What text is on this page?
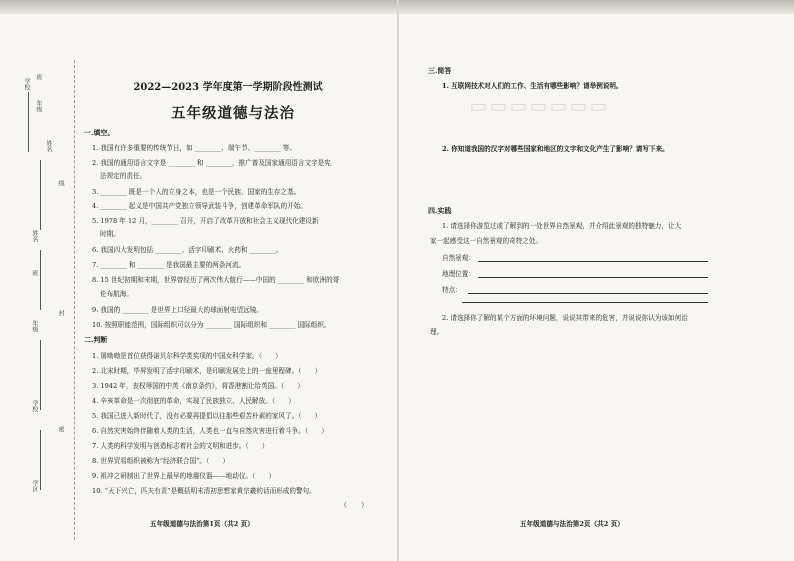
学校
年级
班
姓名
线
姓名
班
封
年级
学校
密
学区
2022—2023 学年度第一学期阶段性测试
五年级道德与法治
一.填空。
1. 我国有许多重要的传统节日，如 ________、端午节、________ 等。
2. 我国的通用语言文字是 ________ 和 ________，推广普及国家通用语言文字是宪
法规定的责任。
3. ________ 既是一个人的立身之本，也是一个民族、国家的生存之基。
4. ________ 起义是中国共产党独立领导武装斗争，创建革命军队的开始。
5. 1978 年 12 月，________ 召开，开启了改革开放和社会主义现代化建设新
时期。
6. 我国四大发明包括 ________、活字印刷术、火药和 ________。
7. ________ 和 ________ 是我国最主要的两条河流。
8. 15 世纪初期和末期，世界曾经历了两次伟大航行——中国的 ________ 和欧洲的哥
伦布航海。
9. 我国的 ________ 是世界上口径最大的球面射电望远镜。
10. 按照职能范围，国际组织可以分为 ________ 国际组织和 ________ 国际组织。
二.判断
1. 屠呦呦是首位获得诺贝尔科学类奖项的中国女科学家。（　　）
2. 北宋时期，毕昇发明了活字印刷术，是印刷发展史上的一座里程碑。（　　）
3. 1942 年，丧权辱国的中英《南京条约》，将香港割让给英国。（　　）
4. 辛亥革命是一次彻底的革命，实现了民族独立、人民解放。（　　）
5. 我国已进入新时代了，没有必要再提倡以往那些艰苦朴素的家风了。（　　）
6. 自然灾害始终伴随着人类的生活，人类也一直与自然灾害进行着斗争。（　　）
7. 人类的科学发明与创造标志着社会的文明和进步。（　　）
8. 世界贸易组织被称为“经济联合国”。（　　）
9. 祖冲之研制出了世界上最早的地震仪器——地动仪。（　　）
10. “天下兴亡，匹夫有责”是概括明末清初思想家黄宗羲的话而形成的警句。
（　　）
五年级道德与法治第1页（共2 页）
▭▭▭▭▭▭▭
三.简答
1. 互联网技术对人们的工作、生活有哪些影响？请举例说明。
2. 你知道我国的汉字对哪些国家和地区的文字和文化产生了影响？请写下来。
四.实践
1. 请选择你游览过或了解到的一处世界自然景观，并介绍此景观的独特魅力，让大
家一起感受这一自然景观的奇特之处。
自然景观：
地理位置：
特点：
2. 请选择你了解的某个方面的环境问题，说说其带来的危害，并说说你认为该如何治
理。
五年级道德与法治第2页（共2 页）
